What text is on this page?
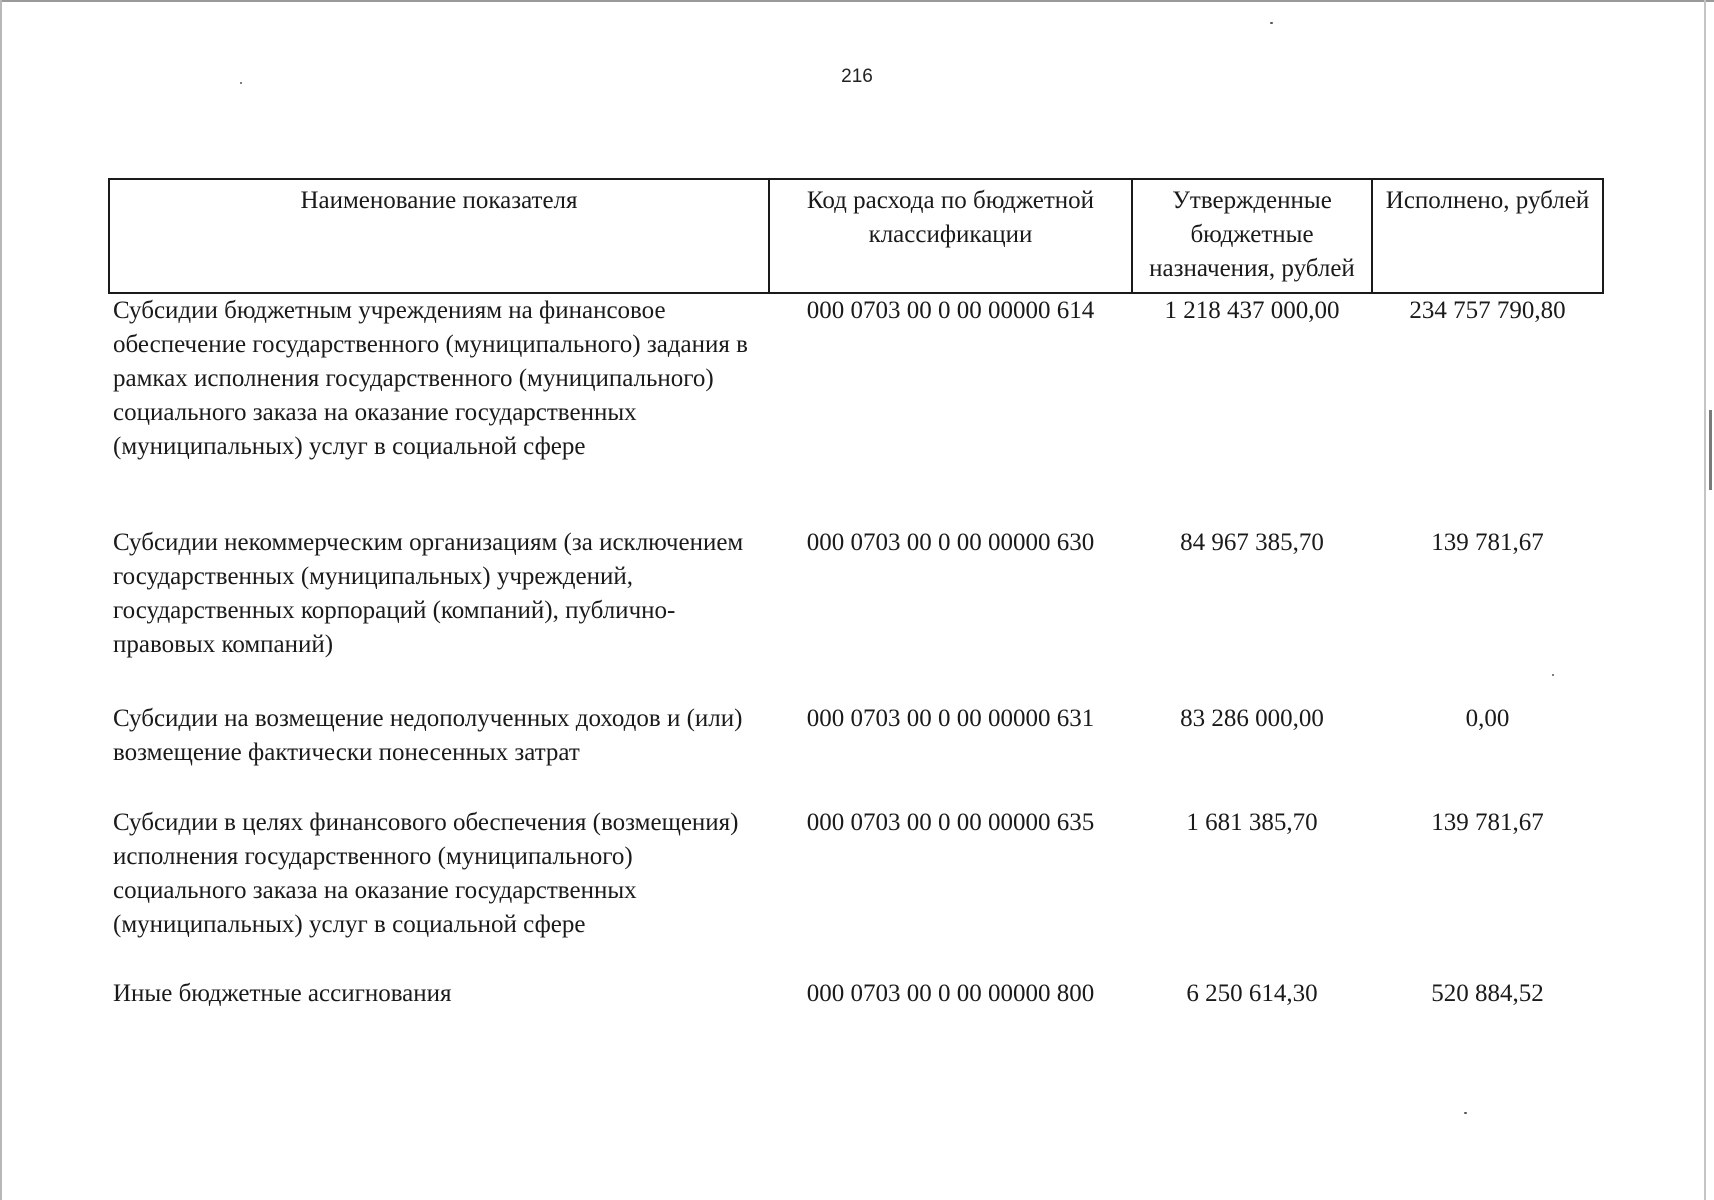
216
Наименование показателя	Код расхода по бюджетной классификации	Утвержденные бюджетные назначения, рублей	Исполнено, рублей
Субсидии бюджетным учреждениям на финансовое обеспечение государственного (муниципального) задания в рамках исполнения государственного (муниципального) социального заказа на оказание государственных (муниципальных) услуг в социальной сфере	000 0703 00 0 00 00000 614	1 218 437 000,00	234 757 790,80
Субсидии некоммерческим организациям (за исключением государственных (муниципальных) учреждений, государственных корпораций (компаний), публично-правовых компаний)	000 0703 00 0 00 00000 630	84 967 385,70	139 781,67
Субсидии на возмещение недополученных доходов и (или) возмещение фактически понесенных затрат	000 0703 00 0 00 00000 631	83 286 000,00	0,00
Субсидии в целях финансового обеспечения (возмещения) исполнения государственного (муниципального) социального заказа на оказание государственных (муниципальных) услуг в социальной сфере	000 0703 00 0 00 00000 635	1 681 385,70	139 781,67
Иные бюджетные ассигнования	000 0703 00 0 00 00000 800	6 250 614,30	520 884,52
